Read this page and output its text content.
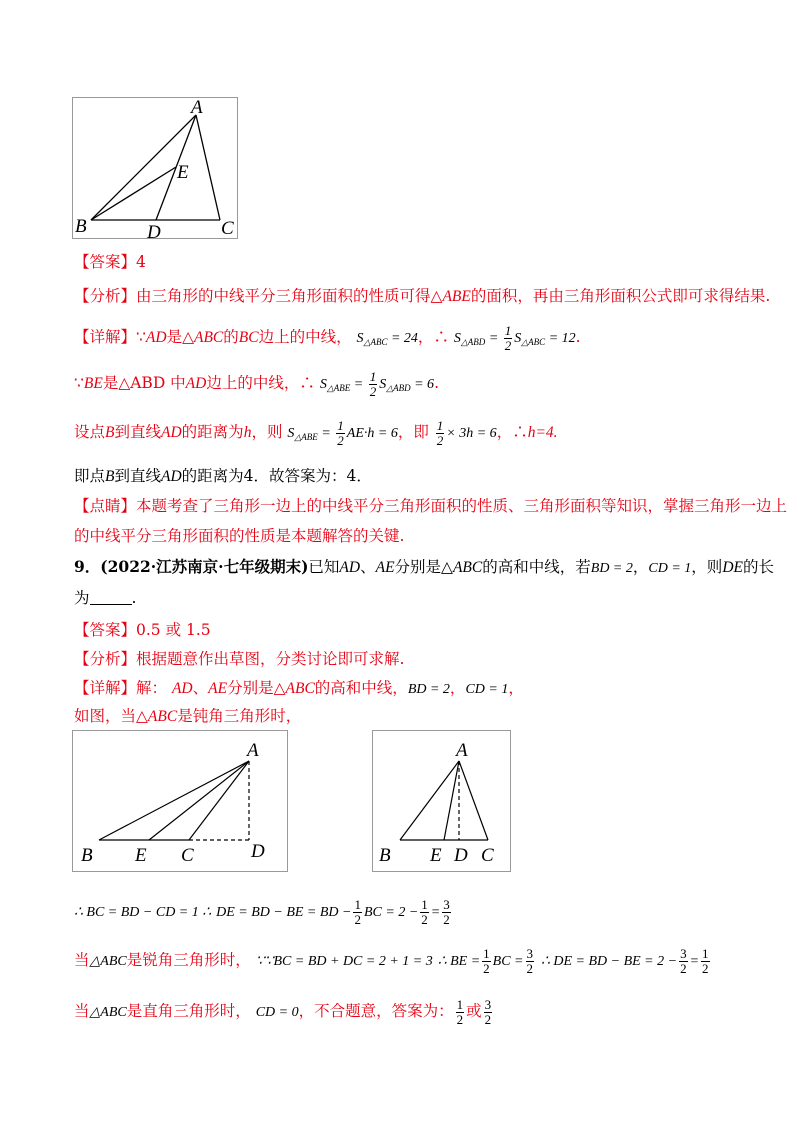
A
E
B	D	C
【答案】4
【分析】由三角形的中线平分三角形面积的性质可得△ABE的面积，再由三角形面积公式即可求得结果.
【详解】∵AD是△ABC的BC边上的中线， $S_{\triangle ABC} = 24$，∴ $S_{\triangle ABD} = \frac{1}{2} S_{\triangle ABC} = 12$.
∵BE是△ABD 中AD边上的中线，∴ $S_{\triangle ABE} = \frac{1}{2} S_{\triangle ABD} = 6$.
设点B到直线AD的距离为h，则 $S_{\triangle ABE} = \frac{1}{2} AE\cdot h = 6$，即 $\frac{1}{2} \times 3h = 6$，∴h=4.
即点B到直线AD的距离为4．故答案为：4．
【点睛】本题考查了三角形一边上的中线平分三角形面积的性质、三角形面积等知识，掌握三角形一边上
的中线平分三角形面积的性质是本题解答的关键.
9．(2022·江苏南京·七年级期末)已知AD、AE分别是△ABC的高和中线，若BD = 2，CD = 1，则DE的长
为	.
【答案】0.5 或 1.5
【分析】根据题意作出草图，分类讨论即可求解.
【详解】解： AD、AE分别是△ABC的高和中线，BD = 2，CD = 1，
如图，当△ABC是钝角三角形时，
A
B E C	D
A
B E D C
∴ BC = BD − CD = 1 ∴ DE = BD − BE = BD − $\frac{1}{2}$ BC = $2 - \frac{1}{2} = \frac{3}{2}$
当△ABC是锐角三角形时， ∵∵BC = BD + DC = 2 + 1 = 3 ∴ BE = $\frac{1}{2}$ BC = $\frac{3}{2}$ ∴ DE = BD − BE = $2 - \frac{3}{2} = \frac{1}{2}$
当△ABC是直角三角形时， CD = 0，不合题意，答案为： $\frac{1}{2}$ 或 $\frac{3}{2}$
